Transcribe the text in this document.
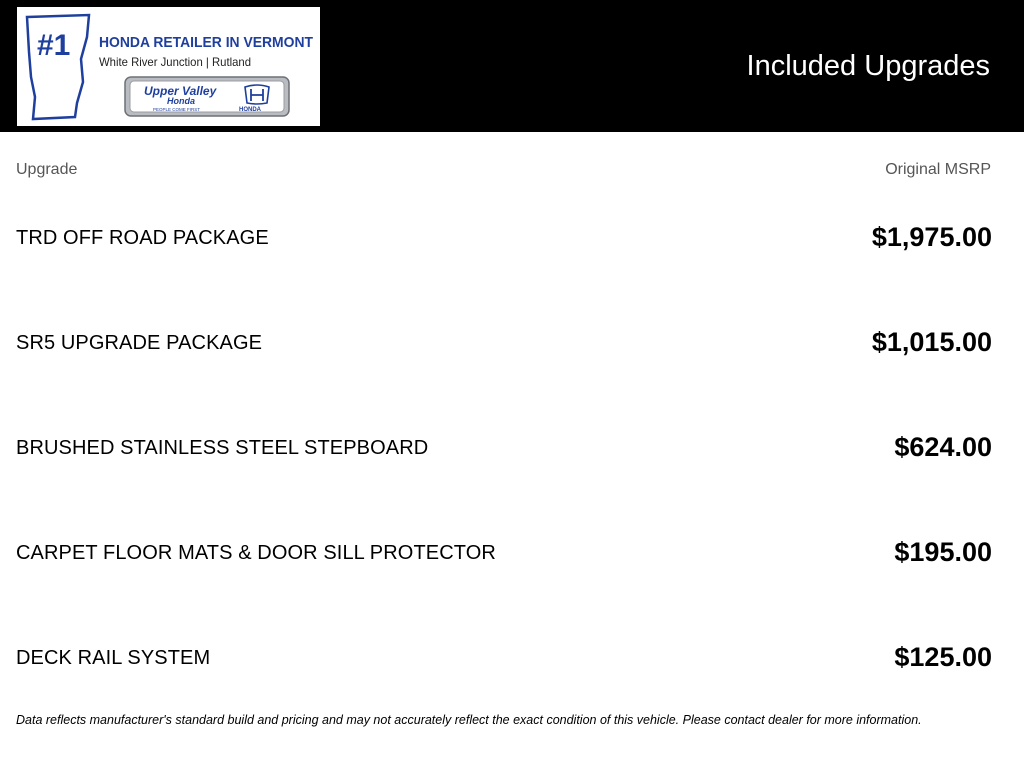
#1 HONDA RETAILER IN VERMONT
White River Junction | Rutland
Upper Valley
Honda
PEOPLE COME FIRST	HONDA
Included Upgrades
Upgrade	Original MSRP
TRD OFF ROAD PACKAGE	$1,975.00
SR5 UPGRADE PACKAGE	$1,015.00
BRUSHED STAINLESS STEEL STEPBOARD	$624.00
CARPET FLOOR MATS & DOOR SILL PROTECTOR	$195.00
DECK RAIL SYSTEM	$125.00
Data reflects manufacturer's standard build and pricing and may not accurately reflect the exact condition of this vehicle. Please contact dealer for more information.
